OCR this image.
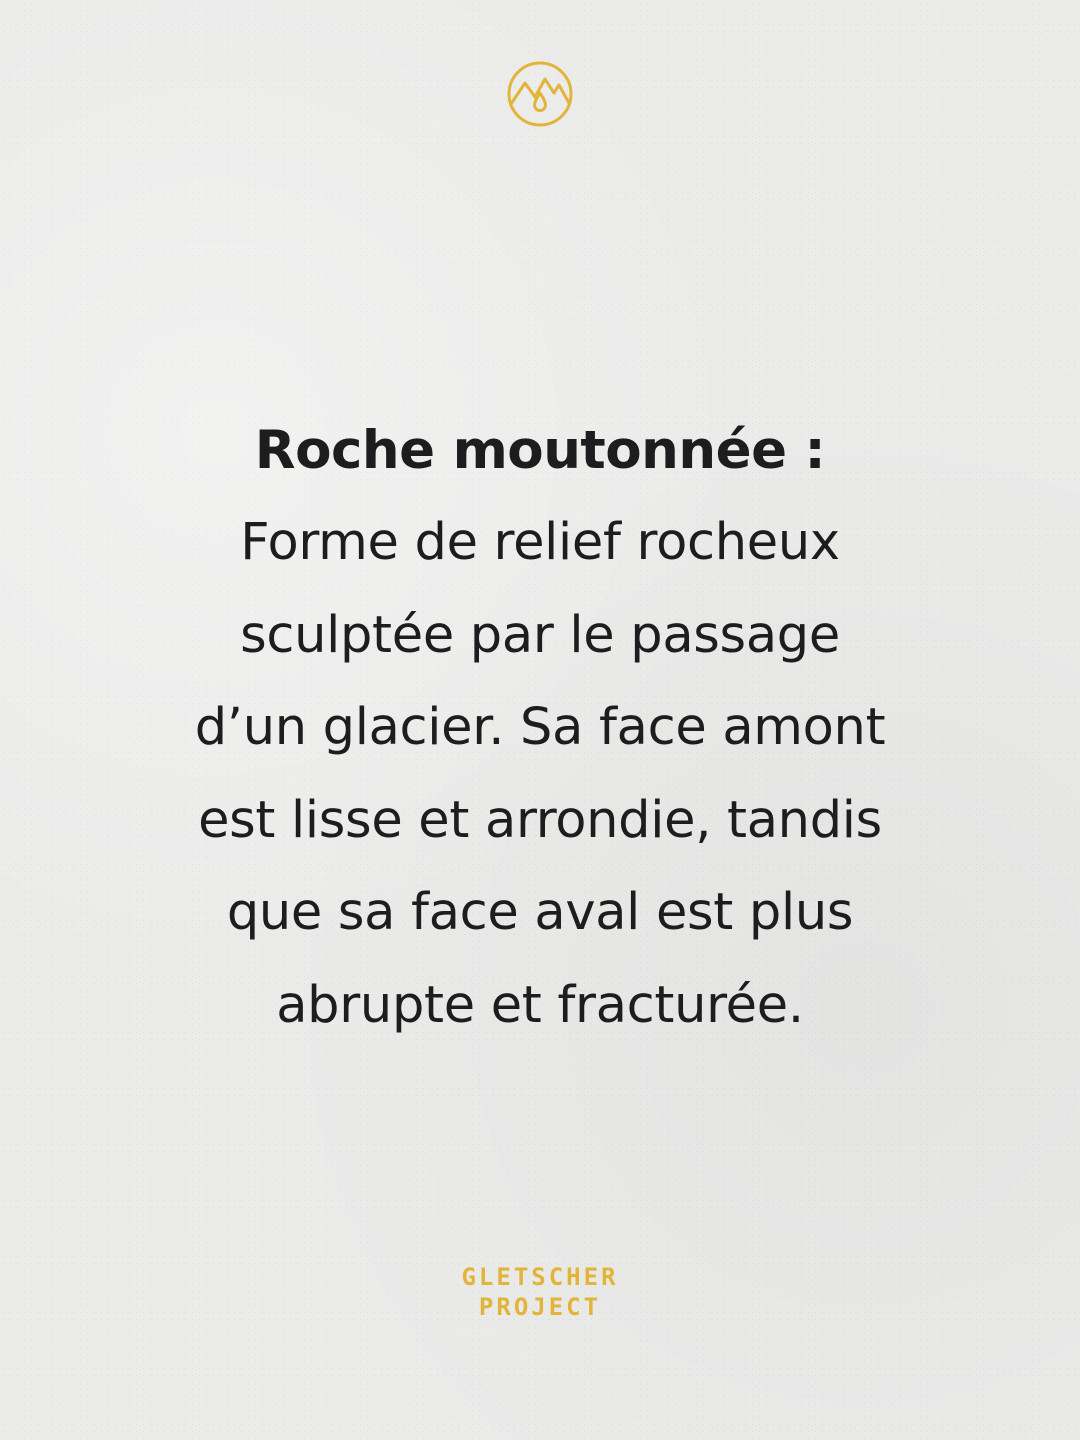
Roche moutonnée :
Forme de relief rocheux
sculptée par le passage
d’un glacier. Sa face amont
est lisse et arrondie, tandis
que sa face aval est plus
abrupte et fracturée.
GLETSCHER
PROJECT
